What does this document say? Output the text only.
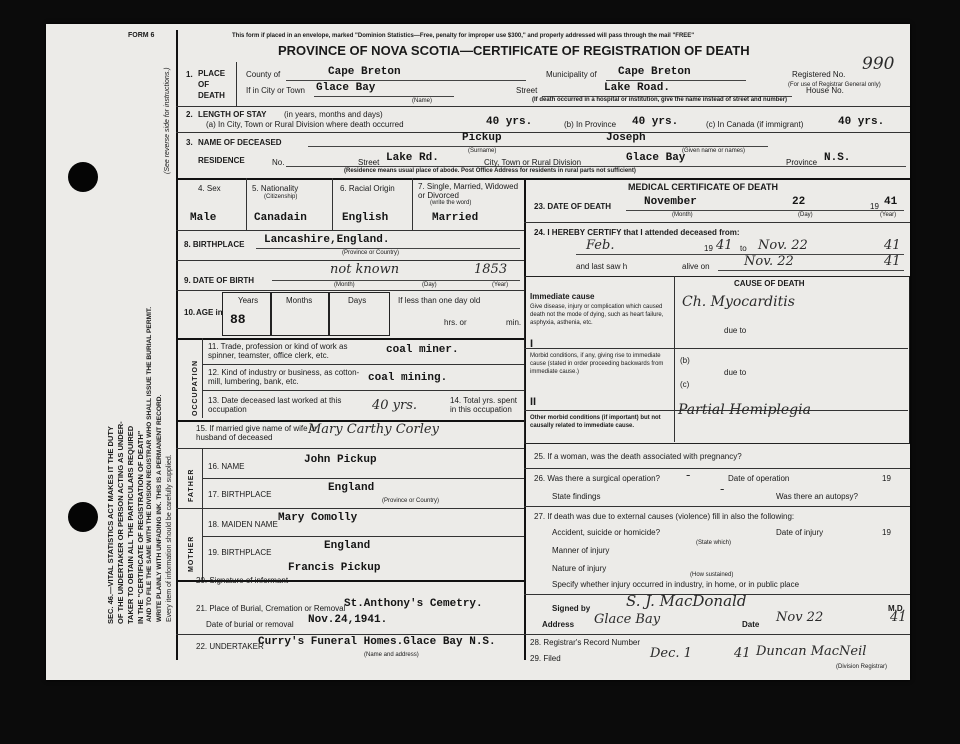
FORM 6	This form if placed in an envelope, marked "Dominion Statistics—Free, penalty for improper use $300," and properly addressed will pass through the mail "FREE"
PROVINCE OF NOVA SCOTIA—CERTIFICATE OF REGISTRATION OF DEATH
SEC. 46.—VITAL STATISTICS ACT MAKES IT THE DUTY OF THE UNDERTAKER OR PERSON ACTING AS UNDER- TAKER TO OBTAIN ALL THE PARTICULARS REQUIRED IN THE "CERTIFICATE OF REGISTRATION OF DEATH" AND TO FILE THE SAME WITH THE DIVISION REGISTRAR WHO SHALL ISSUE THE BURIAL PERMIT. WRITE PLAINLY WITH UNFADING INK. THIS IS A PERMANENT RECORD. Every item of information should be carefully supplied.
(See reverse side for instructions.) 1. PLACE OF DEATH
County of	Cape Breton	Municipality of Cape Breton	Registered No.
990
(For use of Registrar General only)
If in City or Town Glace Bay
(Name)
Street	Lake Road.	House No.
(If death occurred in a hospital or institution, give the name instead of street and number)
2. LENGTH OF STAY (in years, months and days)
(a) In City, Town or Rural Division where death occurred	40 yrs.	(b) In Province 40 yrs.	(c) In Canada (if immigrant)	40 yrs.
3. NAME OF DECEASED	Pickup	Joseph
(Surname)	(Given name or names)
RESIDENCE	No.	Street Lake Rd.	City, Town or Rural Division	Glace Bay	Province N.S.
(Residence means usual place of abode. Post Office Address for residents in rural parts not sufficient)
4. Sex	5. Nationality
(Citizenship)
6. Racial Origin	7. Single, Married, Widowed or Divorced
(write the word)
Male	Canadain	English	Married
8. BIRTHPLACE Lancashire,England.
(Province or Country)
9. DATE OF BIRTH
not known	1853
(Month)	(Day)	(Year)
10. AGE in
Years
88
Months	Days	If less than one day old
hrs. or	min.
OCCUPATION
11. Trade, profession or kind of work as spinner, teamster, office clerk, etc.	coal miner.
12. Kind of industry or business, as cotton-mill, lumbering, bank, etc.	coal mining.
13. Date deceased last worked at this occupation	40 yrs.	14. Total yrs. spent in this occupation
15. If married give name of wife or husband of deceased
Mary Carthy Corley
FATHER
16. NAME
John Pickup
17. BIRTHPLACE
England
(Province or Country)
MOTHER
18. MAIDEN NAME
Mary Comolly
19. BIRTHPLACE
England
20. Signature of informant
Francis Pickup
21. Place of Burial, Cremation or Removal
St.Anthony's Cemetry.
Date of burial or removal Nov.24,1941.
22. UNDERTAKER
Curry's Funeral Homes.Glace Bay N.S.
(Name and address)
MEDICAL CERTIFICATE OF DEATH
23. DATE OF DEATH	November	22	19 41
(Month)	(Day)	(Year)
24. I HEREBY CERTIFY that I attended deceased from:
Feb.	19 41 to Nov. 22	41
and last saw h	alive on	Nov. 22	41
CAUSE OF DEATH
Immediate cause
Give disease, injury or complication which caused death not the mode of dying, such as heart failure, asphyxia, asthenia, etc.
Ch. Myocarditis
due to
I
Morbid conditions, if any, giving rise to immediate cause (stated in order proceeding backwards from immediate cause.)
(b)
due to
(c)
II
Other morbid conditions (if important) but not causally related to immediate cause.
Partial Hemiplegia
25. If a woman, was the death associated with pregnancy?
26. Was there a surgical operation? -	Date of operation	19
State findings	-	Was there an autopsy?
27. If death was due to external causes (violence) fill in also the following:
Accident, suicide or homicide?	Date of injury	19
(State which)
Manner of injury
Nature of injury
(How sustained)
Specify whether injury occurred in industry, in home, or in public place
Signed by S. J. MacDonald	M.D.
Address Glace Bay	Date Nov 22	41
28. Registrar's Record Number
29. Filed	Dec. 1	41 Duncan MacNeil
(Division Registrar)
